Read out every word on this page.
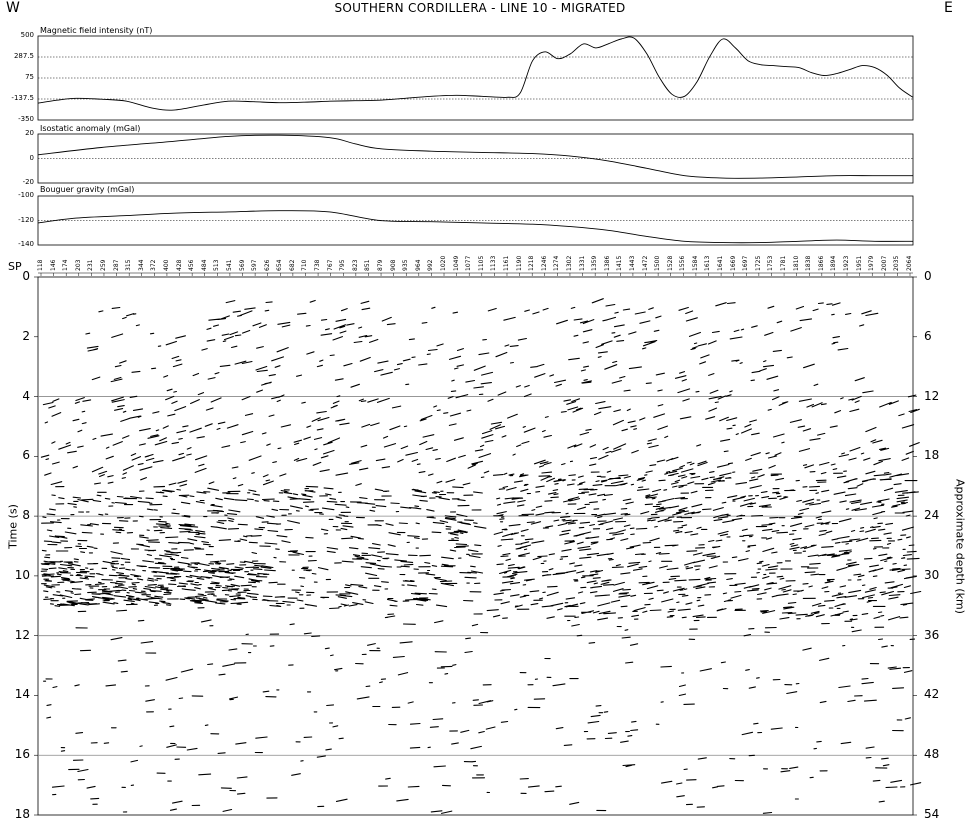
SOUTHERN CORDILLERA - LINE 10 - MIGRATED
W	E
Magnetic field intensity (nT)
Isostatic anomaly (mGal)
Bouguer gravity (mGal)
SP
Time (s)	Approximate depth (km)
500
287.5
75
-137.5
-350
20
0
-20
-100
-120
-140
118 146 174 203 231 259 287 315 344 372 400 428 456 484 513 541 569 597 626 654 682 710 738 767 795 823 851 879 908 935 964 992 1020 1049 1077 1105 1133 1161 1190 1218 1246 1274 1302 1331 1359 1386 1415 1443 1472 1500 1528 1556 1584 1613 1641 1669 1697 1725 1753 1781 1810 1838 1866 1894 1923 1951 1979 2007 2035 2064
0	0
2	6
4	12
6	18
8	24
10	30
12	36
14	42
16	48
18	54
